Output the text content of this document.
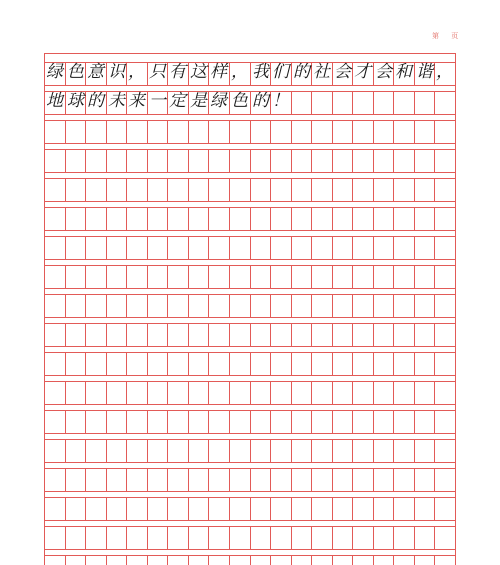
第 页
绿 色 意 识 ， 只 有 这 样 ， 我 们 的 社 会 才 会 和 谐 ，
地 球 的 未 来 一 定 是 绿 色 的 ！
